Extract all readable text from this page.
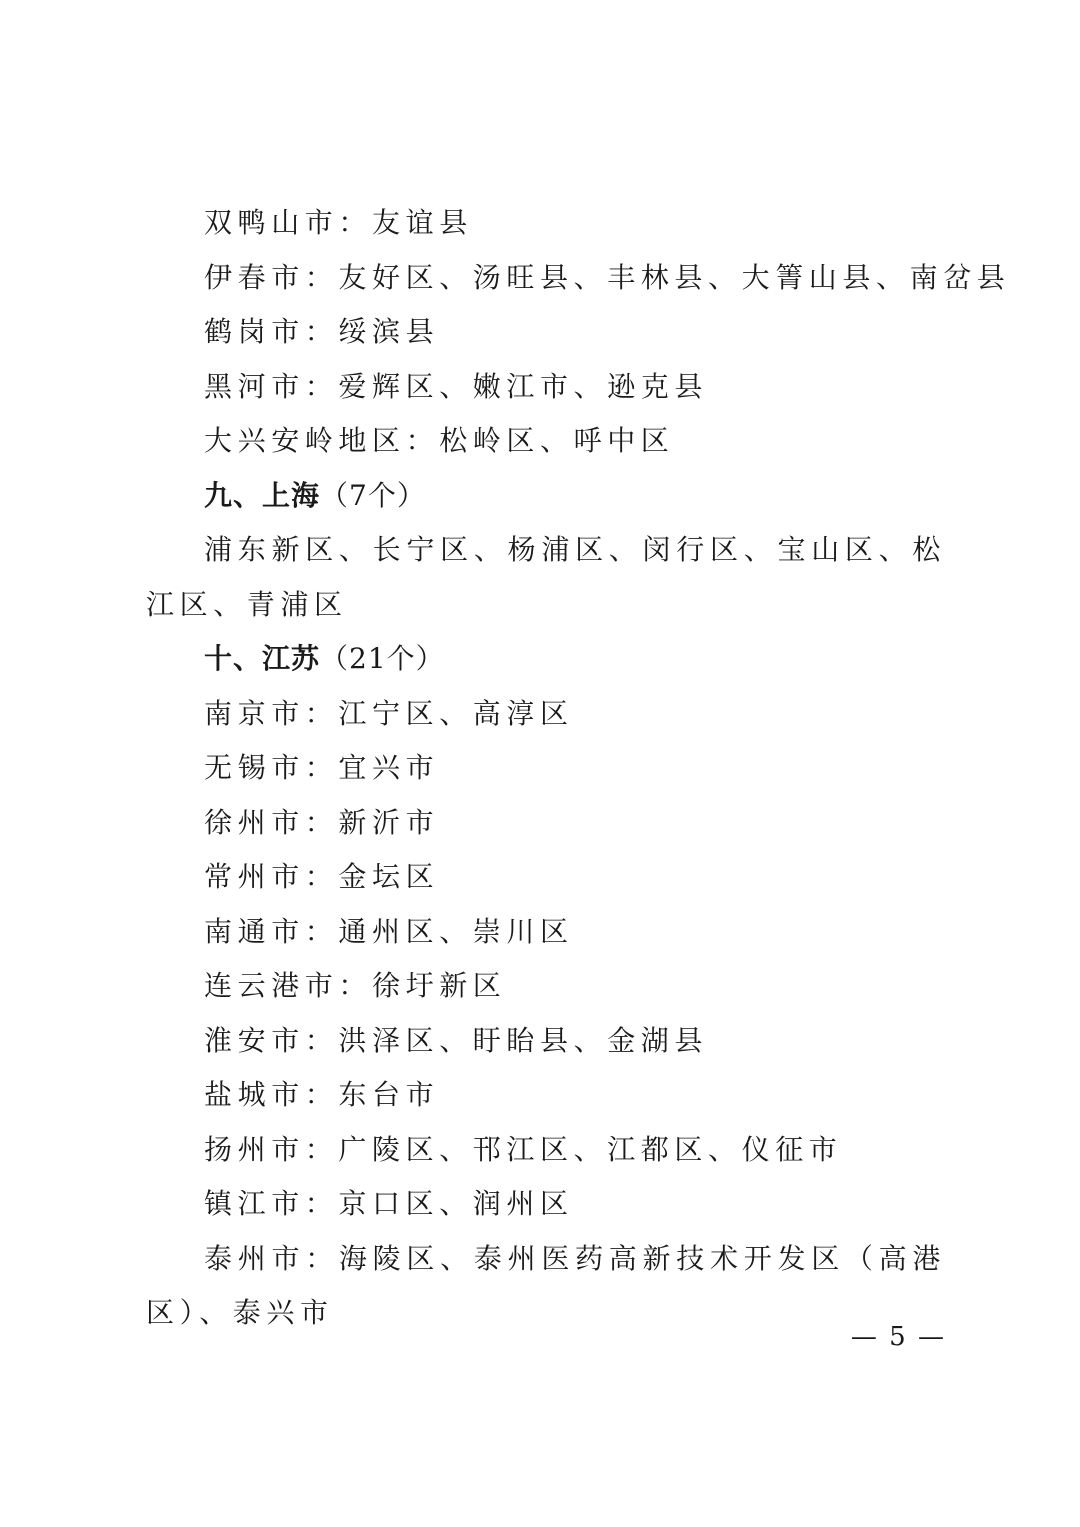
双鸭山市：友谊县
伊春市：友好区、汤旺县、丰林县、大箐山县、南岔县
鹤岗市：绥滨县
黑河市：爱辉区、嫩江市、逊克县
大兴安岭地区：松岭区、呼中区
九、上海（7个）
浦东新区、长宁区、杨浦区、闵行区、宝山区、松江区、青浦区
十、江苏（21个）
南京市：江宁区、高淳区
无锡市：宜兴市
徐州市：新沂市
常州市：金坛区
南通市：通州区、崇川区
连云港市：徐圩新区
淮安市：洪泽区、盱眙县、金湖县
盐城市：东台市
扬州市：广陵区、邗江区、江都区、仪征市
镇江市：京口区、润州区
泰州市：海陵区、泰州医药高新技术开发区（高港区）、泰兴市
— 5 —
